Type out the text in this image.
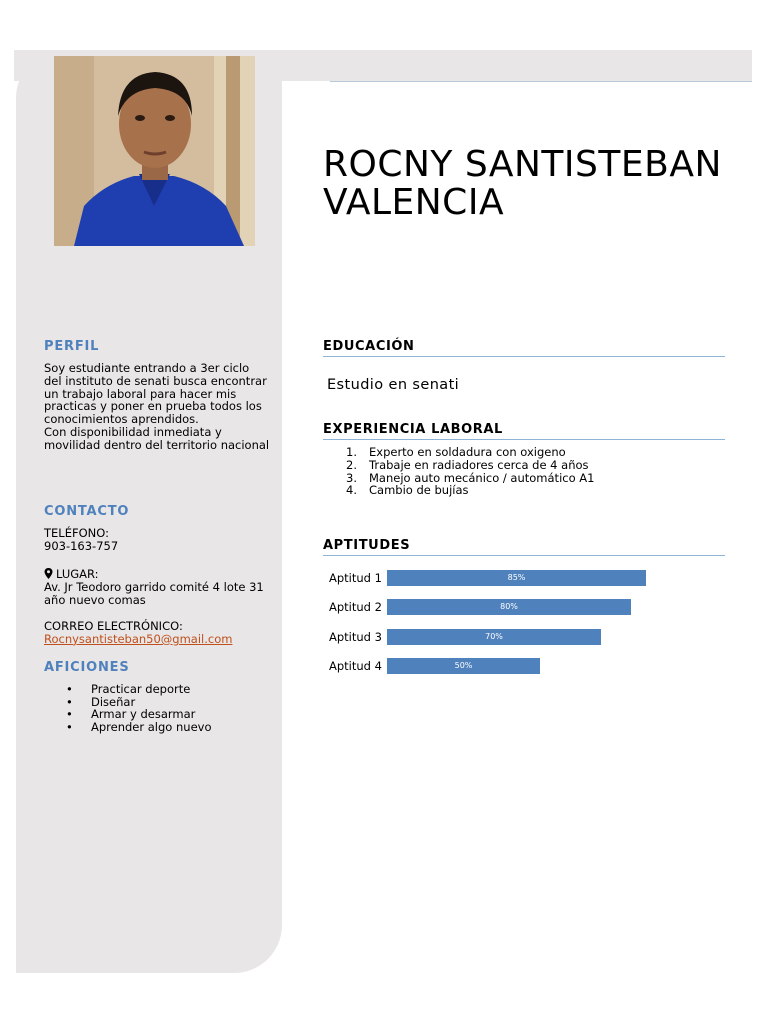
ROCNY SANTISTEBAN
VALENCIA
PERFIL

Soy estudiante entrando a 3er ciclo del instituto de senati busca encontrar un trabajo laboral para hacer mis practicas y poner en prueba todos los conocimientos aprendidos.

Con disponibilidad inmediata y movilidad dentro del territorio nacional

CONTACTO

TELÉFONO:

903-163-757

LUGAR:

Av. Jr Teodoro garrido comité 4 lote 31 año nuevo comas

CORREO ELECTRÓNICO:

Rocnysantisteban50@gmail.com

AFICIONES
• Practicar deporte
• Diseñar
• Armar y desarmar
• Aprender algo nuevo
EDUCACIÓN
Estudio en senati
EXPERIENCIA LABORAL
1. Experto en soldadura con oxigeno
2. Trabaje en radiadores cerca de 4 años
3. Manejo auto mecánico / automático A1
4. Cambio de bujías
APTITUDES
Aptitud 1	85%
Aptitud 2	80%
Aptitud 3	70%
Aptitud 4	50%
